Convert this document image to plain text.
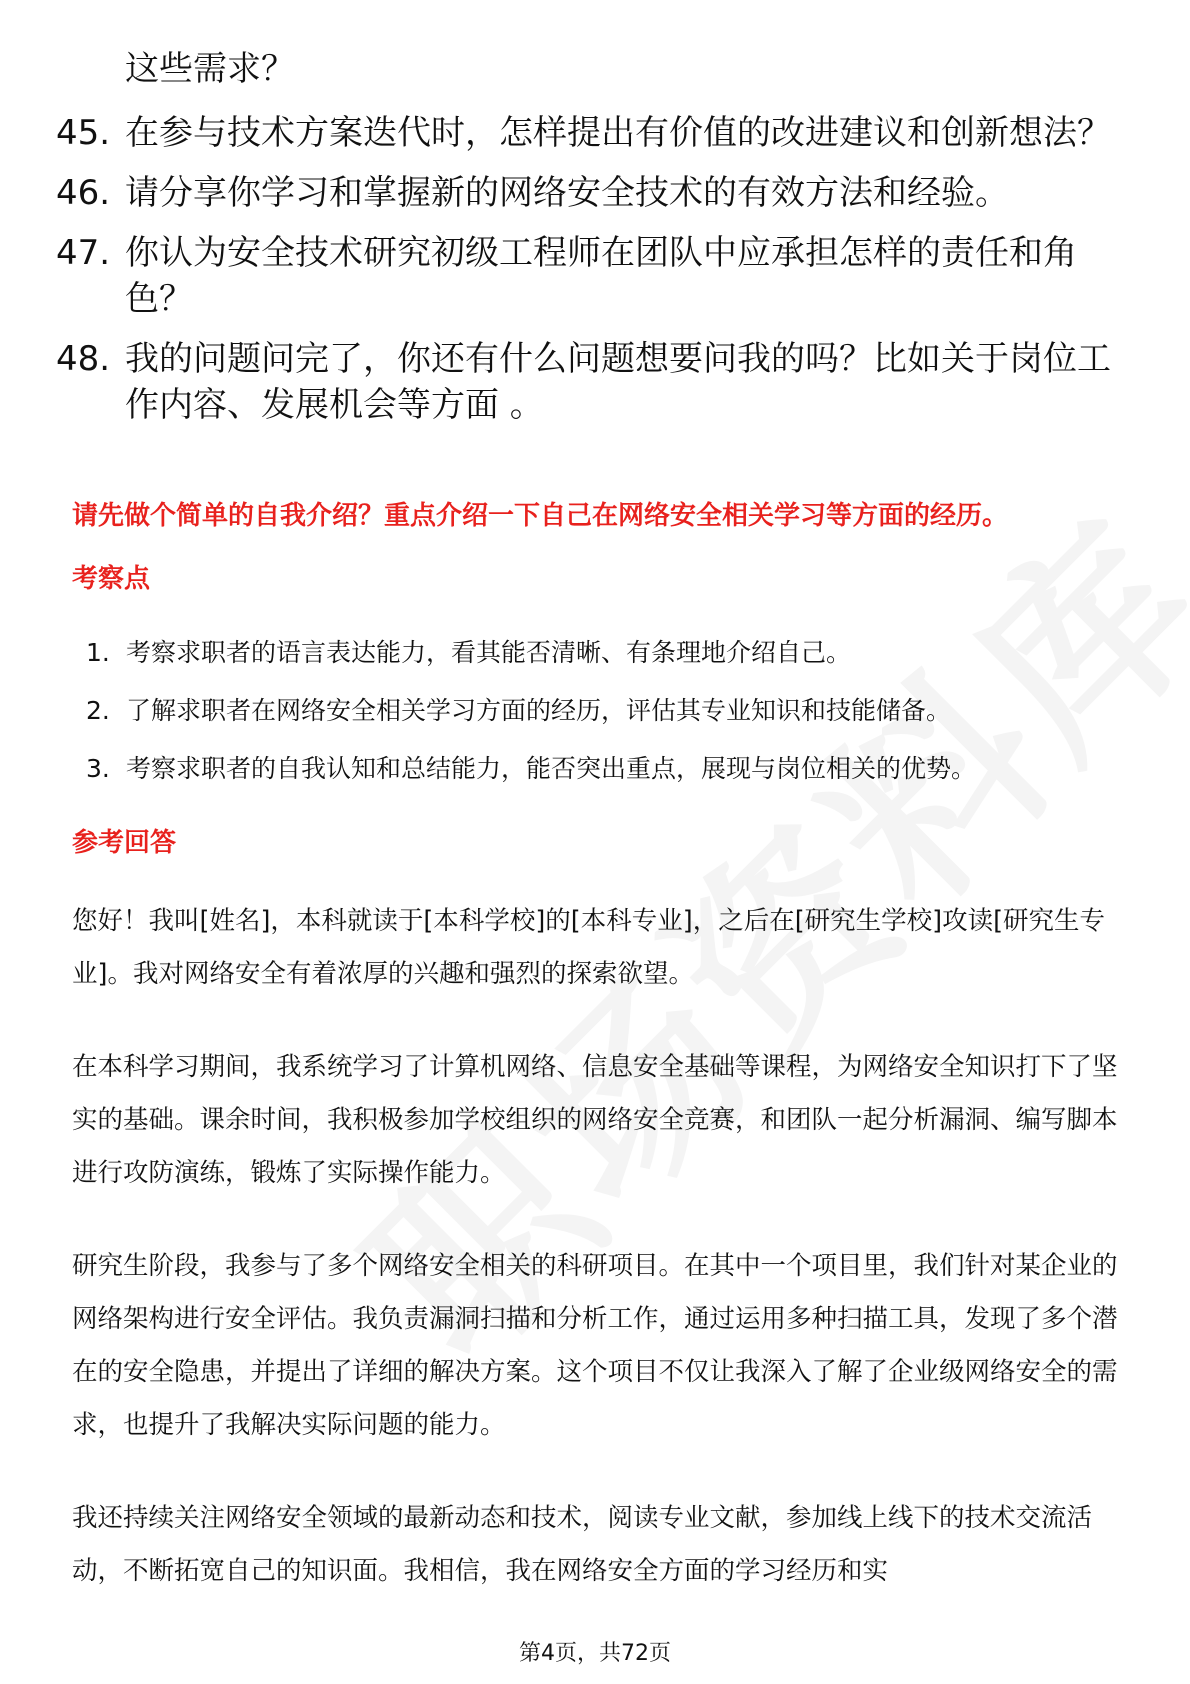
这些需求？

45. 在参与技术方案迭代时，怎样提出有价值的改进建议和创新想法？
46. 请分享你学习和掌握新的网络安全技术的有效方法和经验。
47. 你认为安全技术研究初级工程师在团队中应承担怎样的责任和角色？
48. 我的问题问完了，你还有什么问题想要问我的吗？比如关于岗位工作内容、发展机会等方面 。

请先做个简单的自我介绍？重点介绍一下自己在网络安全相关学习等方面的经历。

考察点

1. 考察求职者的语言表达能力，看其能否清晰、有条理地介绍自己。
2. 了解求职者在网络安全相关学习方面的经历，评估其专业知识和技能储备。
3. 考察求职者的自我认知和总结能力，能否突出重点，展现与岗位相关的优势。

参考回答

您好！我叫[姓名]，本科就读于[本科学校]的[本科专业]，之后在[研究生学校]攻读[研究生专业]。我对网络安全有着浓厚的兴趣和强烈的探索欲望。

在本科学习期间，我系统学习了计算机网络、信息安全基础等课程，为网络安全知识打下了坚实的基础。课余时间，我积极参加学校组织的网络安全竞赛，和团队一起分析漏洞、编写脚本进行攻防演练，锻炼了实际操作能力。

研究生阶段，我参与了多个网络安全相关的科研项目。在其中一个项目里，我们针对某企业的网络架构进行安全评估。我负责漏洞扫描和分析工作，通过运用多种扫描工具，发现了多个潜在的安全隐患，并提出了详细的解决方案。这个项目不仅让我深入了解了企业级网络安全的需求，也提升了我解决实际问题的能力。

我还持续关注网络安全领域的最新动态和技术，阅读专业文献，参加线上线下的技术交流活动，不断拓宽自己的知识面。我相信，我在网络安全方面的学习经历和实

第4页，共72页
